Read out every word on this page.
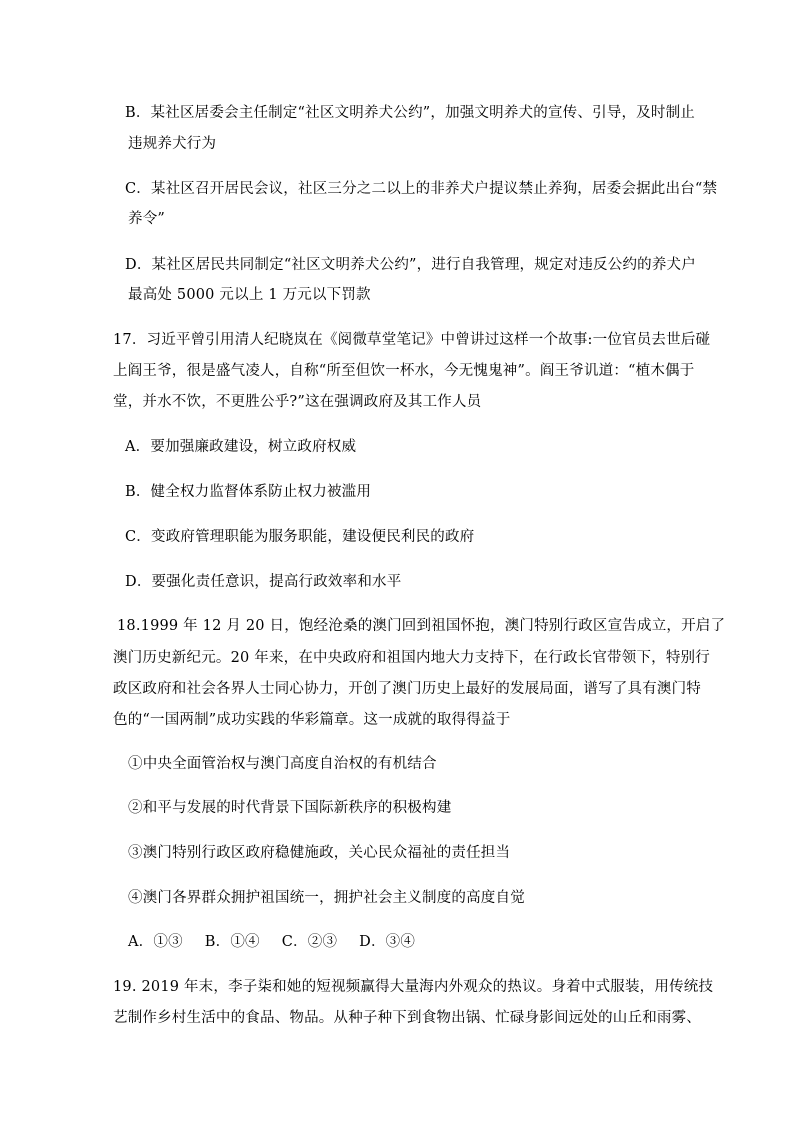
B．某社区居委会主任制定“社区文明养犬公约”，加强文明养犬的宣传、引导，及时制止
违规养犬行为
C．某社区召开居民会议，社区三分之二以上的非养犬户提议禁止养狗，居委会据此出台“禁
养令”
D．某社区居民共同制定“社区文明养犬公约”，进行自我管理，规定对违反公约的养犬户
最高处 5000 元以上 1 万元以下罚款
17．习近平曾引用清人纪晓岚在《阅微草堂笔记》中曾讲过这样一个故事:一位官员去世后碰
上阎王爷，很是盛气凌人，自称“所至但饮一杯水，今无愧鬼神”。阎王爷讥道：“植木偶于
堂，并水不饮，不更胜公乎?”这在强调政府及其工作人员
A．要加强廉政建设，树立政府权威
B．健全权力监督体系防止权力被滥用
C．变政府管理职能为服务职能，建设便民利民的政府
D．要强化责任意识，提高行政效率和水平
18.1999 年 12 月 20 日，饱经沧桑的澳门回到祖国怀抱，澳门特别行政区宣告成立，开启了
澳门历史新纪元。20 年来，在中央政府和祖国内地大力支持下，在行政长官带领下，特别行
政区政府和社会各界人士同心协力，开创了澳门历史上最好的发展局面，谱写了具有澳门特
色的“一国两制”成功实践的华彩篇章。这一成就的取得得益于
①中央全面管治权与澳门高度自治权的有机结合
②和平与发展的时代背景下国际新秩序的积极构建
③澳门特别行政区政府稳健施政，关心民众福祉的责任担当
④澳门各界群众拥护祖国统一，拥护社会主义制度的高度自觉
A．①③ B．①④ C．②③ D．③④
19. 2019 年末，李子柒和她的短视频赢得大量海内外观众的热议。身着中式服装，用传统技
艺制作乡村生活中的食品、物品。从种子种下到食物出锅、忙碌身影间远处的山丘和雨雾、
